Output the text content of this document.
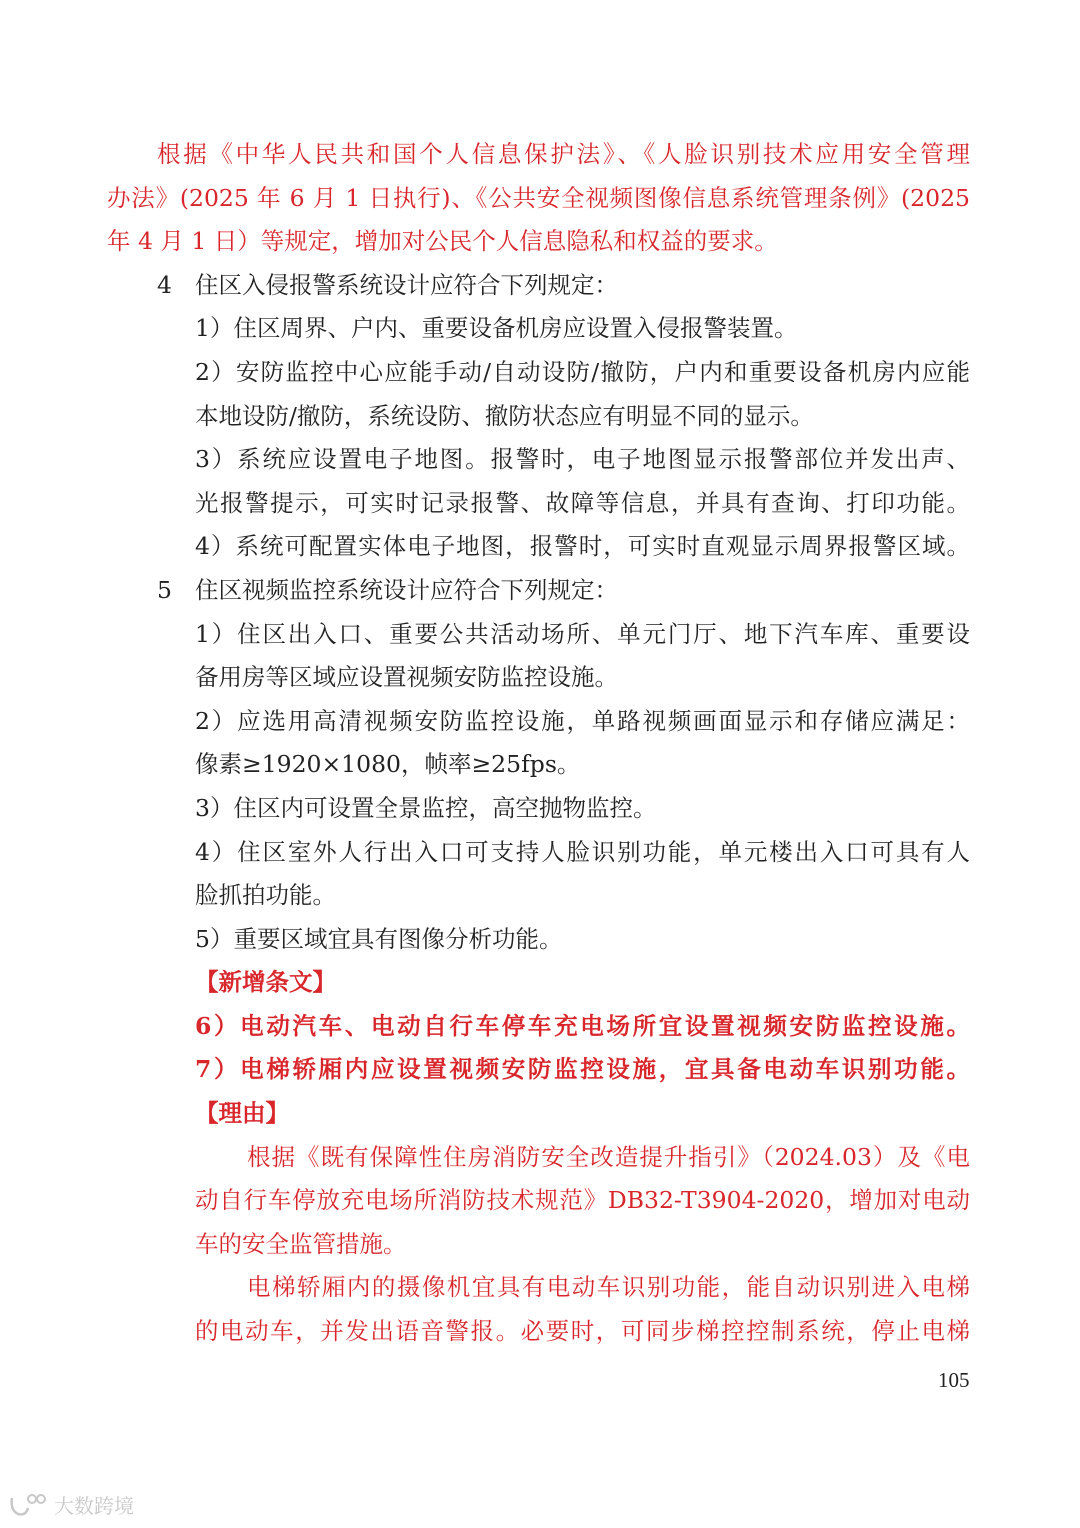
根据《中华人民共和国个人信息保护法》、《人脸识别技术应用安全管理
办法》(2025 年 6 月 1 日执行)、《公共安全视频图像信息系统管理条例》(2025
年 4 月 1 日）等规定，增加对公民个人信息隐私和权益的要求。
4 住区入侵报警系统设计应符合下列规定：
1）住区周界、户内、重要设备机房应设置入侵报警装置。
2）安防监控中心应能手动/自动设防/撤防，户内和重要设备机房内应能
本地设防/撤防，系统设防、撤防状态应有明显不同的显示。
3）系统应设置电子地图。报警时，电子地图显示报警部位并发出声、
光报警提示，可实时记录报警、故障等信息，并具有查询、打印功能。
4）系统可配置实体电子地图，报警时，可实时直观显示周界报警区域。
5 住区视频监控系统设计应符合下列规定：
1）住区出入口、重要公共活动场所、单元门厅、地下汽车库、重要设
备用房等区域应设置视频安防监控设施。
2）应选用高清视频安防监控设施，单路视频画面显示和存储应满足：
像素≥1920×1080，帧率≥25fps。
3）住区内可设置全景监控，高空抛物监控。
4）住区室外人行出入口可支持人脸识别功能，单元楼出入口可具有人
脸抓拍功能。
5）重要区域宜具有图像分析功能。
【新增条文】
6）电动汽车、电动自行车停车充电场所宜设置视频安防监控设施。
7）电梯轿厢内应设置视频安防监控设施，宜具备电动车识别功能。
【理由】
根据《既有保障性住房消防安全改造提升指引》（2024.03）及《电
动自行车停放充电场所消防技术规范》DB32-T3904-2020，增加对电动
车的安全监管措施。
电梯轿厢内的摄像机宜具有电动车识别功能，能自动识别进入电梯
的电动车，并发出语音警报。必要时，可同步梯控控制系统，停止电梯
105
大数跨境
